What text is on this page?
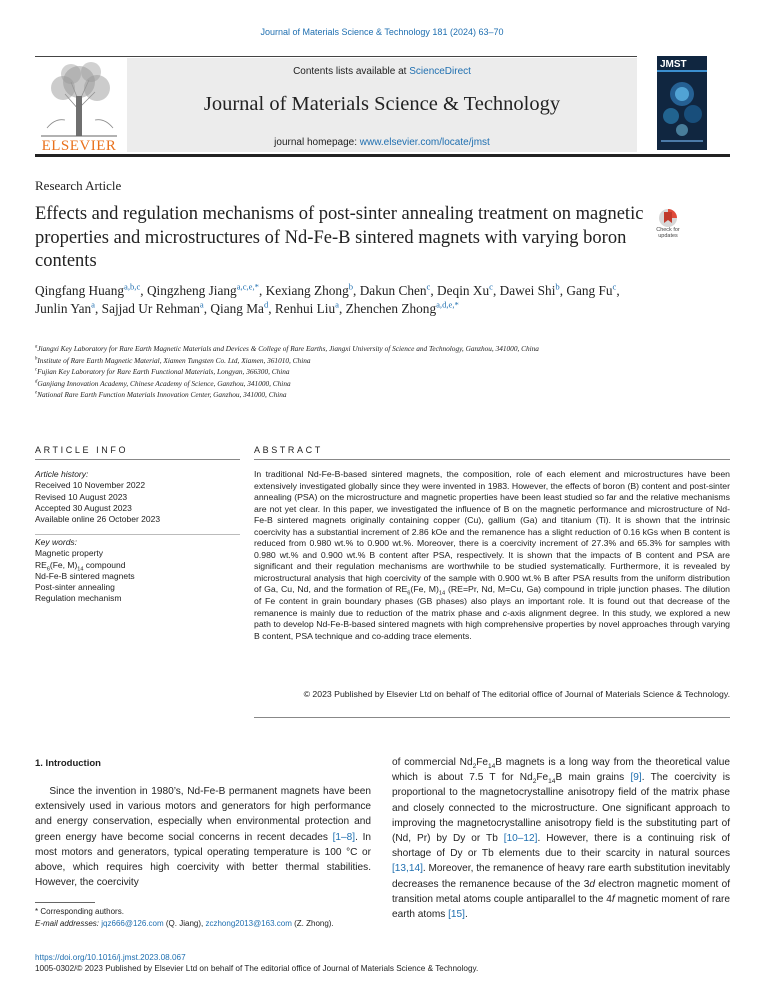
Journal of Materials Science & Technology 181 (2024) 63–70
ELSEVIER
Contents lists available at ScienceDirect
Journal of Materials Science & Technology
journal homepage: www.elsevier.com/locate/jmst
JMST
Research Article
Effects and regulation mechanisms of post-sinter annealing treatment on magnetic properties and microstructures of Nd-Fe-B sintered magnets with varying boron contents
Check for updates
Qingfang Huang$^{a,b,c}$, Qingzheng Jiang$^{a,c,e,*}$, Kexiang Zhong$^b$, Dakun Chen$^c$, Deqin Xu$^c$, Dawei Shi$^b$, Gang Fu$^c$, Junlin Yan$^a$, Sajjad Ur Rehman$^a$, Qiang Ma$^d$, Renhui Liu$^a$, Zhenchen Zhong$^{a,d,e,*}$
$^a$Jiangxi Key Laboratory for Rare Earth Magnetic Materials and Devices & College of Rare Earths, Jiangxi University of Science and Technology, Ganzhou, 341000, China
$^b$Institute of Rare Earth Magnetic Material, Xiamen Tungsten Co. Ltd, Xiamen, 361010, China
$^c$Fujian Key Laboratory for Rare Earth Functional Materials, Longyan, 366300, China
$^d$Ganjiang Innovation Academy, Chinese Academy of Science, Ganzhou, 341000, China
$^e$National Rare Earth Function Materials Innovation Center, Ganzhou, 341000, China
ARTICLE INFO	ABSTRACT
Article history:
Received 10 November 2022
Revised 10 August 2023
Accepted 30 August 2023
Available online 26 October 2023
Key words:
Magnetic property
$RE_6(Fe$, $M)_{14}$ compound
Nd-Fe-B sintered magnets
Post-sinter annealing
Regulation mechanism
In traditional Nd-Fe-B-based sintered magnets, the composition, role of each element and microstructures have been extensively investigated globally since they were invented in 1983. However, the effects of boron (B) content and post-sinter annealing (PSA) on the microstructure and magnetic properties have been least studied so far and the relative mechanisms are not yet clear. In this paper, we investigated the influence of B on the magnetic performance and microstructure of Nd-Fe-B sintered magnets originally containing copper (Cu), gallium (Ga) and titanium (Ti). It is shown that the intrinsic coercivity has a substantial increment of 2.86 kOe and the remanence has a slight reduction of 0.16 kGs when B content is reduced from 0.980 wt.% to 0.900 wt.%. Moreover, there is a coercivity increment of 27.3% and 65.3% for samples with 0.980 wt.% and 0.900 wt.% B content after PSA, respectively. It is shown that the impacts of B content and PSA are significant and their regulation mechanisms are worthwhile to be studied systematically. Furthermore, it is revealed by microstructural analysis that high coercivity of the sample with 0.900 wt.% B after PSA results from the uniform distribution of Ga, Cu, Nd, and the formation of $RE_6(Fe$, $M)_{14}$ (RE=Pr, Nd, M=Cu, Ga) compound in triple junction phases. The dilution of Fe content in grain boundary phases (GB phases) also plays an important role. It is found out that decrease of the remanence is mainly due to reduction of the matrix phase and c-axis alignment degree. In this study, we explored a new path to develop Nd-Fe-B-based sintered magnets with high comprehensive properties by novel approaches through varying B content, PSA technique and co-adding trace elements.
© 2023 Published by Elsevier Ltd on behalf of The editorial office of Journal of Materials Science & Technology.
1. Introduction
Since the invention in 1980’s, Nd-Fe-B permanent magnets have been extensively used in various motors and generators for high performance and energy conservation, especially when environmental protection and green energy have become social concerns in recent decades [1–8]. In most motors and generators, typical operating temperature is 100 °C or above, which requires high coercivity with better thermal stabilities. However, the coercivity
of commercial $Nd_2Fe_{14}B$ magnets is a long way from the theoretical value which is about 7.5 T for $Nd_2Fe_{14}B$ main grains [9]. The coercivity is proportional to the magnetocrystalline anisotropy field of the matrix phase and closely connected to the microstructure. One significant approach to improving the magnetocrystalline anisotropy field is the substituting part of (Nd, Pr) by Dy or Tb [10–12]. However, there is a continuing risk of shortage of Dy or Tb elements due to their scarcity in natural sources [13,14]. Moreover, the remanence of heavy rare earth substitution inevitably decreases the remanence because of the 3d electron magnetic moment of transition metal atoms couple antiparallel to the 4f magnetic moment of rare earth atoms [15].
* Corresponding authors.
E-mail addresses: jqz666@126.com (Q. Jiang), zczhong2013@163.com (Z. Zhong).
https://doi.org/10.1016/j.jmst.2023.08.067
1005-0302/© 2023 Published by Elsevier Ltd on behalf of The editorial office of Journal of Materials Science & Technology.
